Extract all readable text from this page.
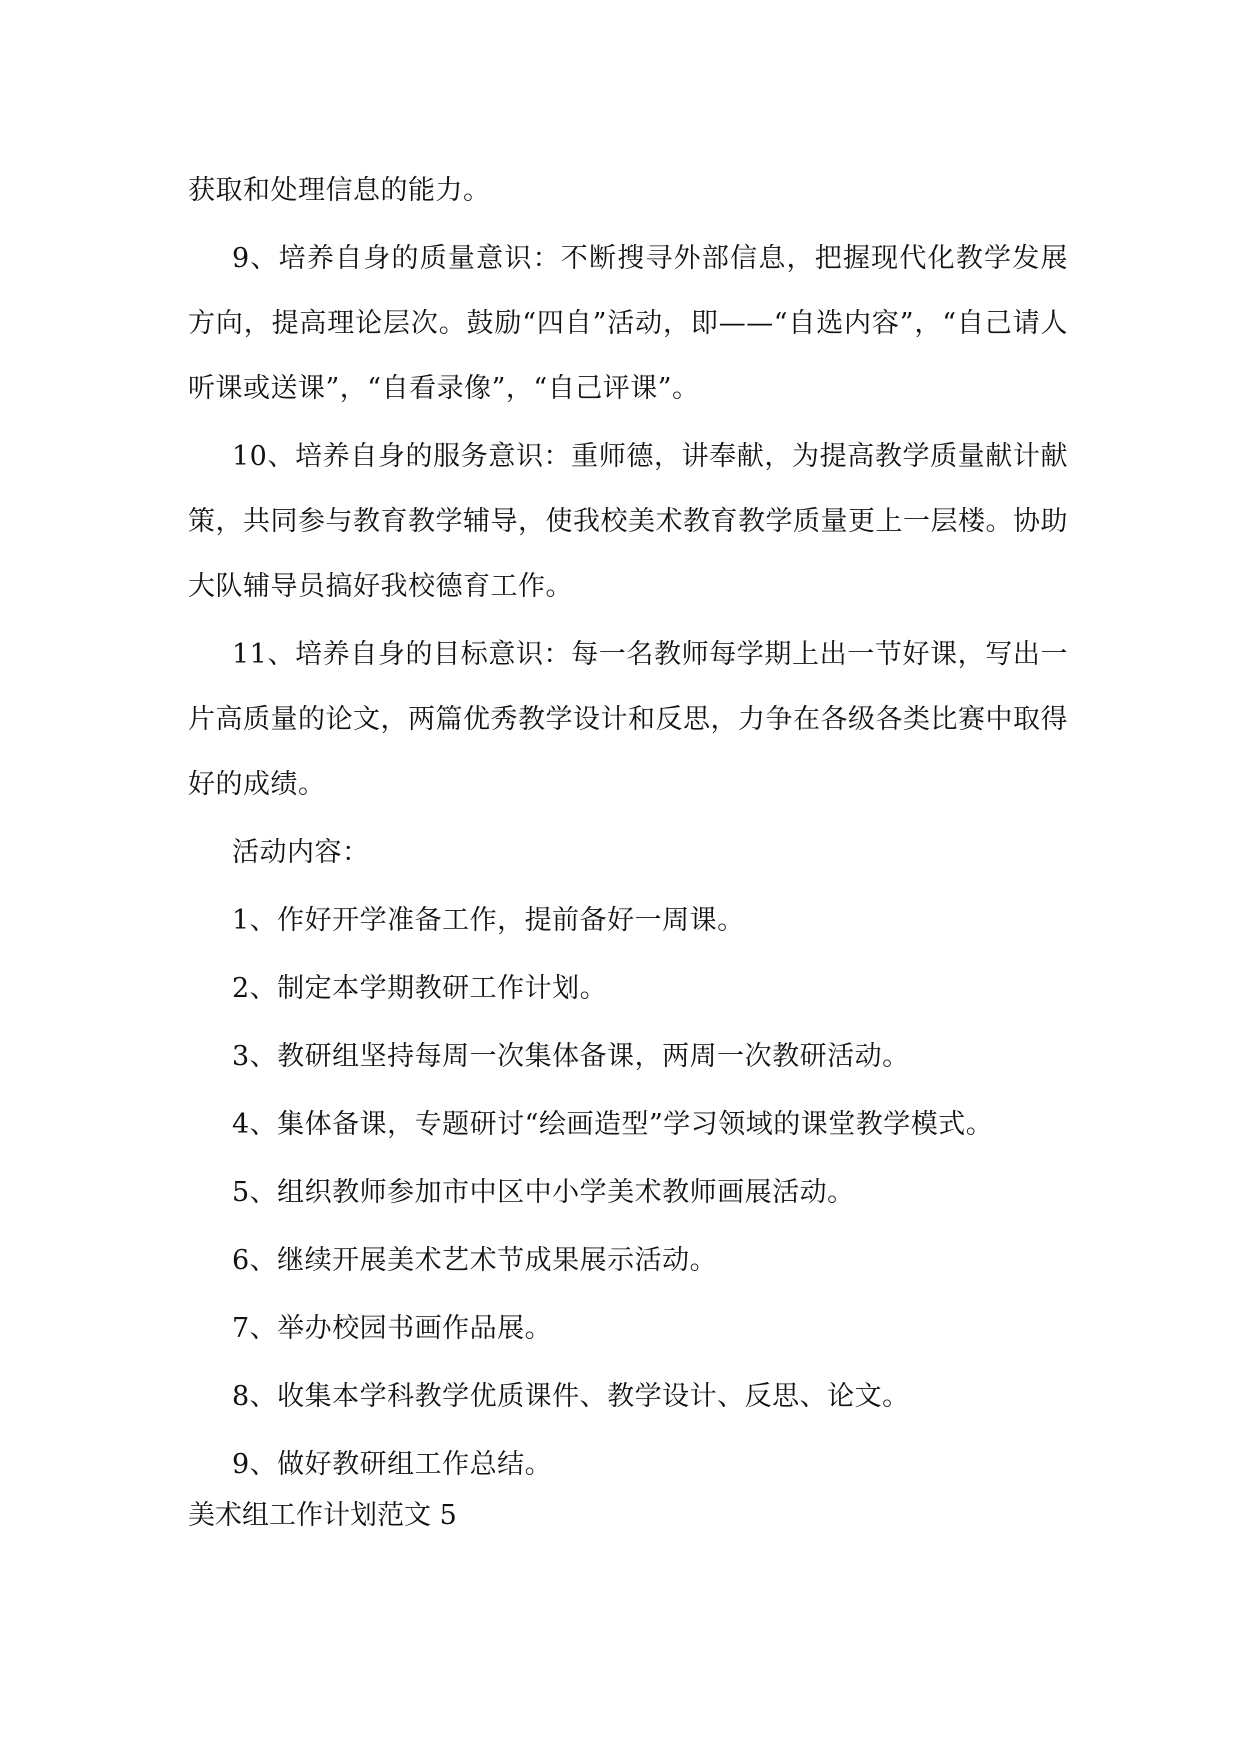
获取和处理信息的能力。

9、培养自身的质量意识：不断搜寻外部信息，把握现代化教学发展方向，提高理论层次。鼓励“四自”活动，即——“自选内容”，“自己请人听课或送课”，“自看录像”，“自己评课”。

10、培养自身的服务意识：重师德，讲奉献，为提高教学质量献计献策，共同参与教育教学辅导，使我校美术教育教学质量更上一层楼。协助大队辅导员搞好我校德育工作。

11、培养自身的目标意识：每一名教师每学期上出一节好课，写出一片高质量的论文，两篇优秀教学设计和反思，力争在各级各类比赛中取得好的成绩。

活动内容：

1、作好开学准备工作，提前备好一周课。

2、制定本学期教研工作计划。

3、教研组坚持每周一次集体备课，两周一次教研活动。

4、集体备课，专题研讨“绘画造型”学习领域的课堂教学模式。

5、组织教师参加市中区中小学美术教师画展活动。

6、继续开展美术艺术节成果展示活动。

7、举办校园书画作品展。

8、收集本学科教学优质课件、教学设计、反思、论文。

9、做好教研组工作总结。

美术组工作计划范文 5
